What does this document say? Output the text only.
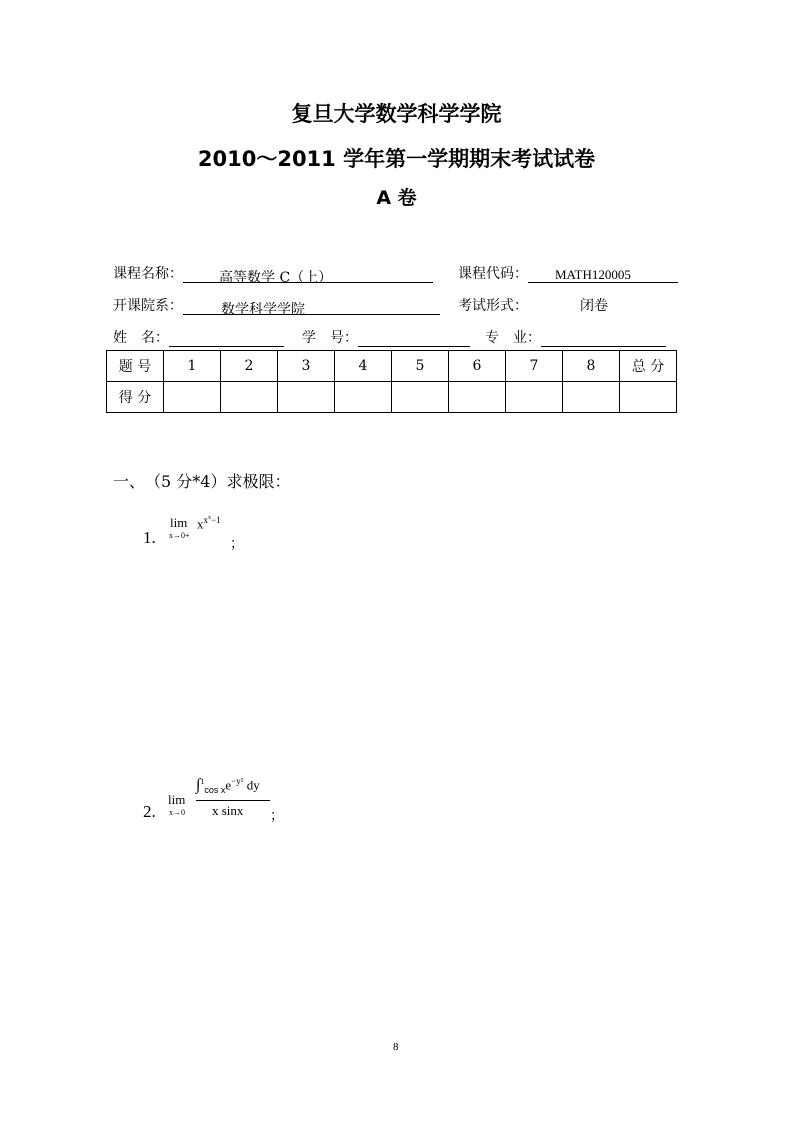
复旦大学数学科学学院
2010～2011 学年第一学期期末考试试卷
A 卷
课程名称：	高等数学 C（上）	课程代码： MATH120005
开课院系：	数学科学学院	考试形式：	闭卷
姓　名：	学　号：	专　业：
题 号	1	2	3	4	5	6	7	8	总 分
得 分									
一、　（5 分*4）求极限：
1.
lim
x→0+
$x^{x^x-1}$
；
2.
lim
x→0
$\int^1_{cos x}e^{-y^2}$ dy
x sinx ；
8
